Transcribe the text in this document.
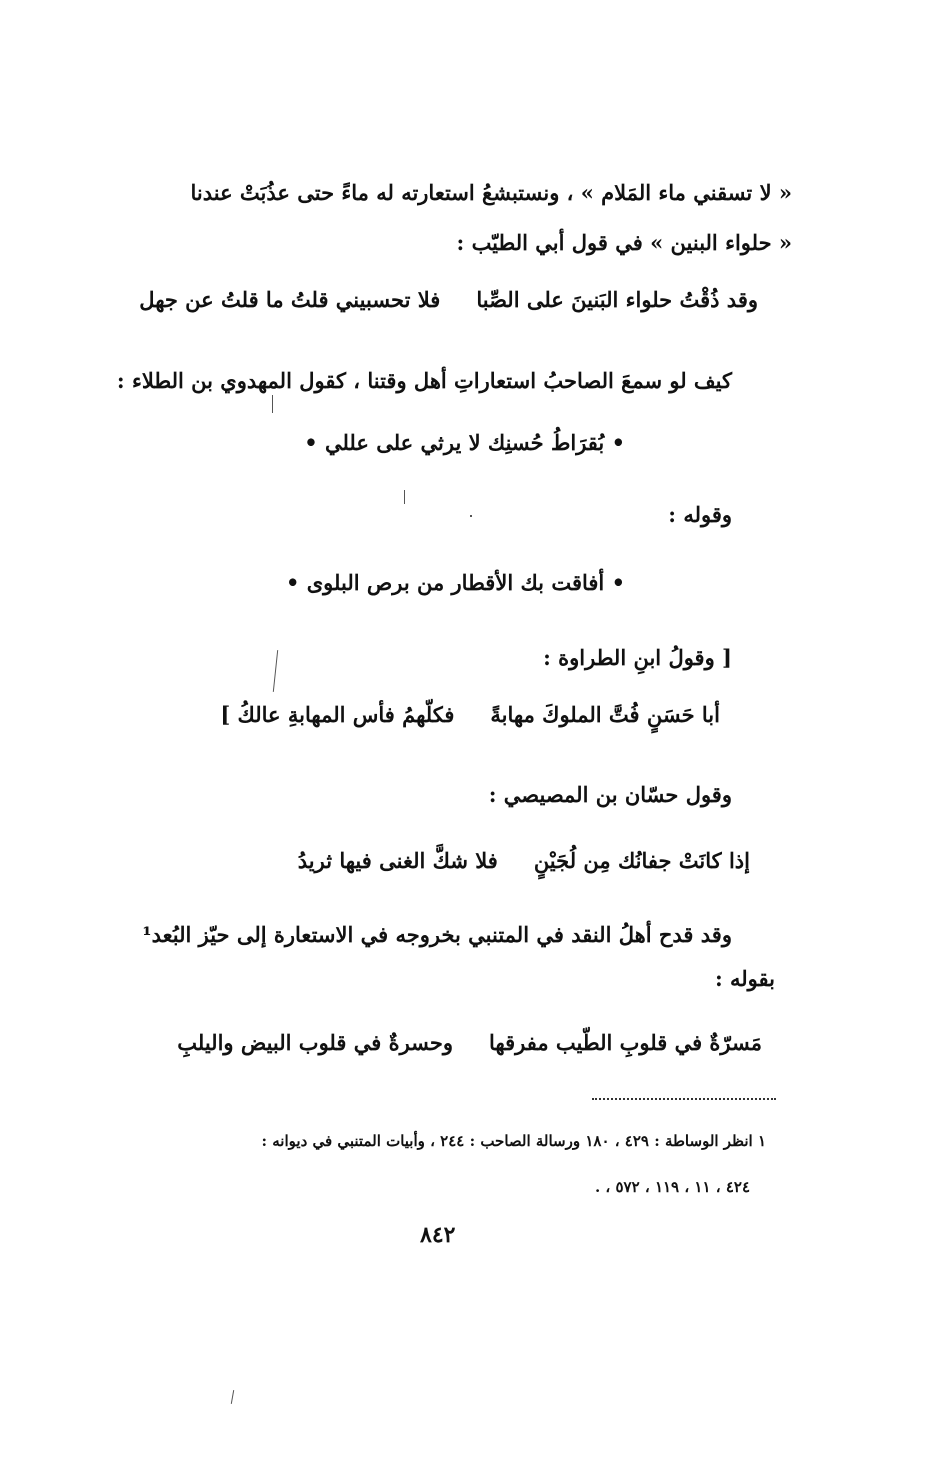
« لا تسقني ماء المَلام » ، ونستبشعُ استعارته له ماءً حتى عذُبَتْ عندنا
« حلواء البنين » في قول أبي الطيّب :
وقد ذُقْتُ حلواء البَنينَ على الصِّبا
فلا تحسبيني قلتُ ما قلتُ عن جهل
كيف لو سمعَ الصاحبُ استعاراتِ أهل وقتنا ، كقول المهدوي بن الطلاء :
• بُقرَاطُ حُسنِك لا يرثي على عللي •
وقوله :
• أفاقت بك الأقطار من برص البلوى •
[ وقولُ ابنِ الطراوة :
أبا حَسَنٍ فُتَّ الملوكَ مهابةً
فكلّهمُ فأس المهابةِ عالكُ ]
وقول حسّان بن المصيصي :
إذا كانَتْ جفانُك مِن لُجَيْنٍ
فلا شكَّ الغنى فيها ثريدُ
وقد قدح أهلُ النقد في المتنبي بخروجه في الاستعارة إلى حيّز البُعد¹
بقوله :
مَسرّةٌ في قلوبِ الطّيب مفرقها
وحسرةٌ في قلوب البيض واليلبِ
١ انظر الوساطة : ٤٢٩ ، ١٨٠ ورسالة الصاحب : ٢٤٤ ، وأبيات المتنبي في ديوانه :
٤٢٤ ، ١١ ، ١١٩ ، ٥٧٢ ، .
٨٤٢
